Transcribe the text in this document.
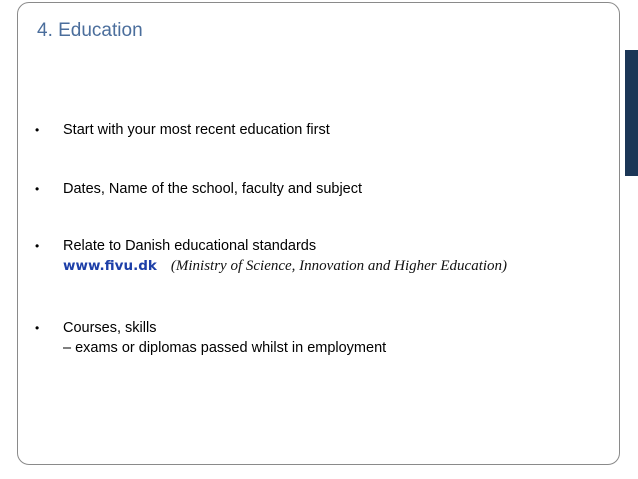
4. Education
• Start with your most recent education first
• Dates, Name of the school, faculty and subject
• Relate to Danish educational standards
www.fivu.dk (Ministry of Science, Innovation and Higher Education)
• Courses, skills
– exams or diplomas passed whilst in employment
